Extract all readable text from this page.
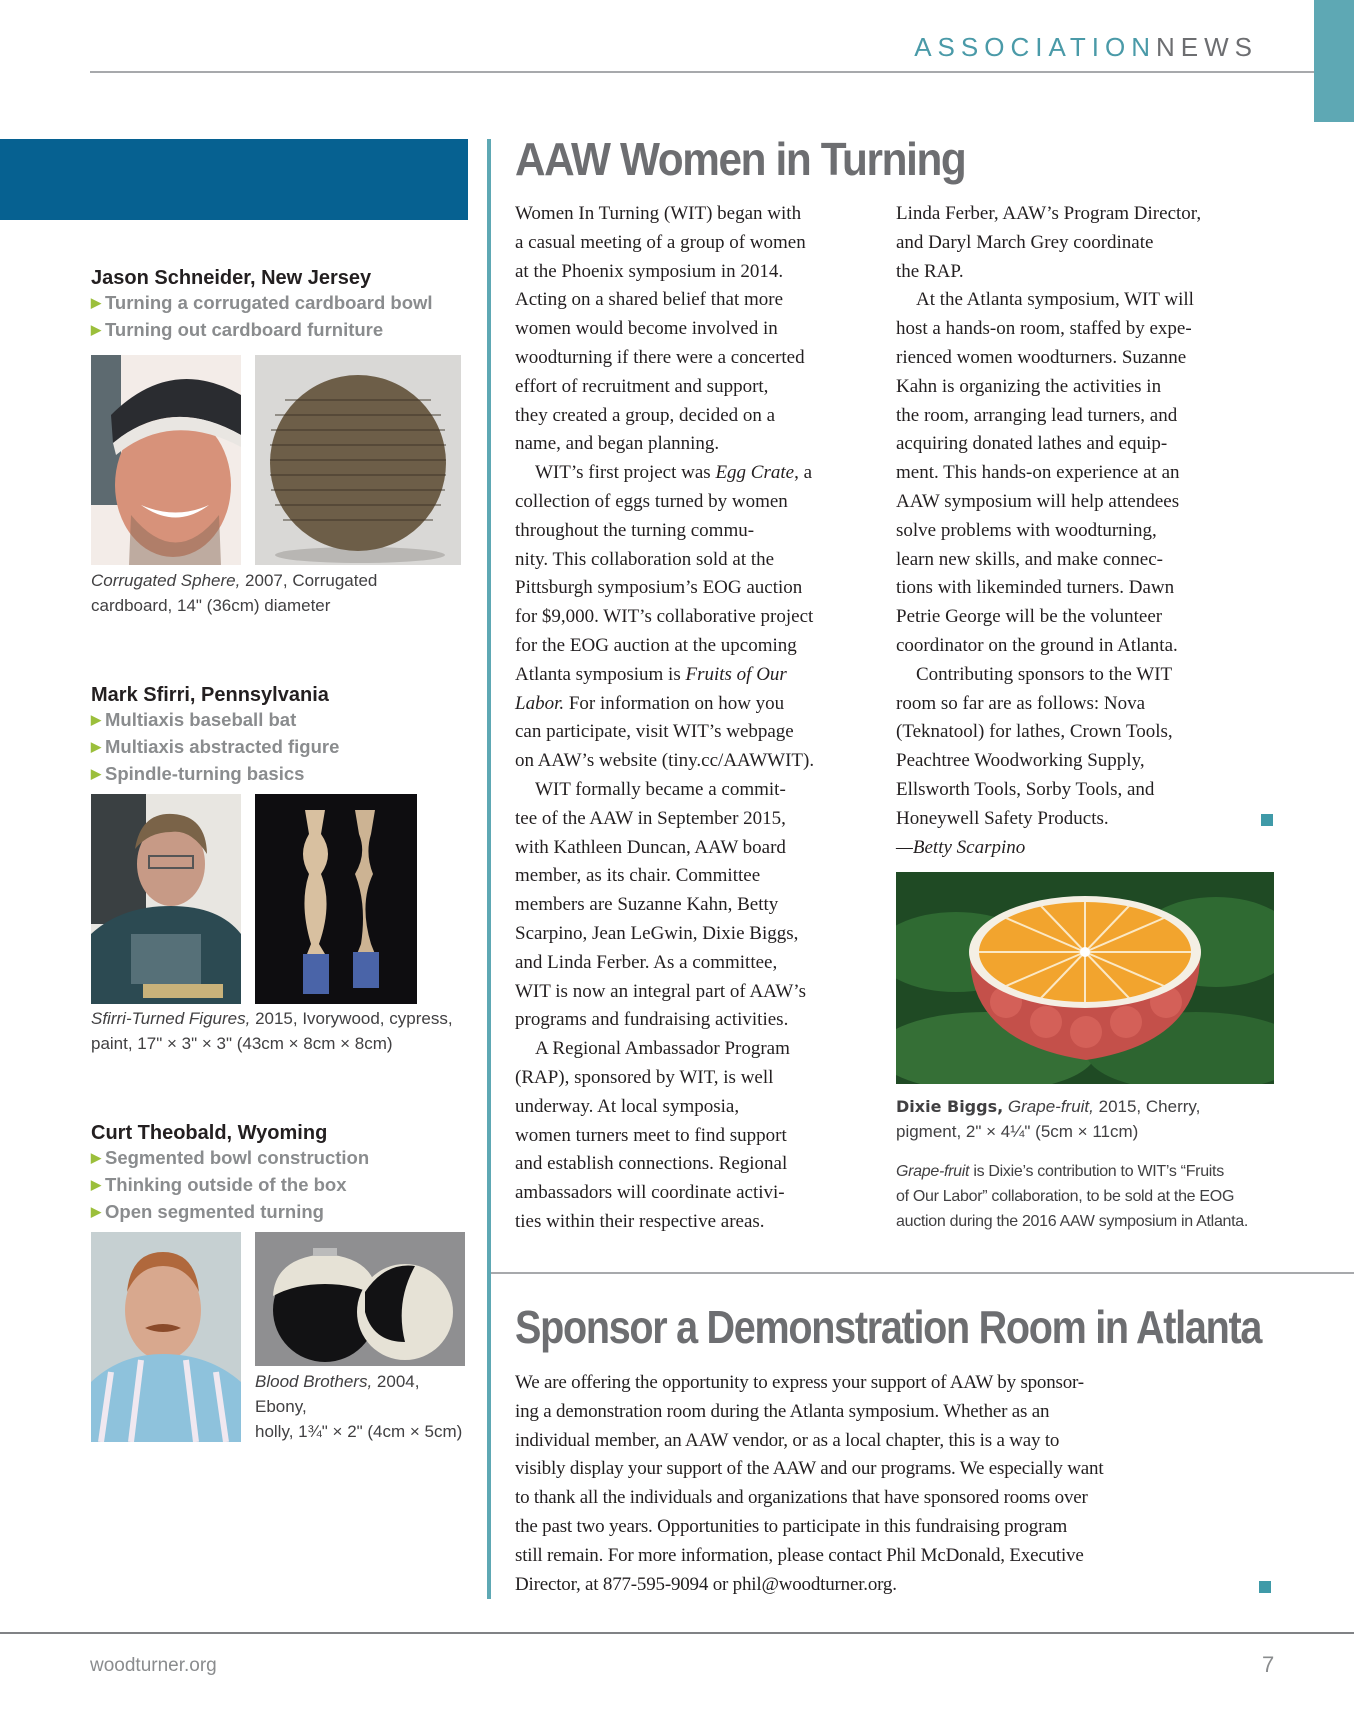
ASSOCIATIONNEWS
Jason Schneider, New Jersey
▶ Turning a corrugated cardboard bowl
▶ Turning out cardboard furniture
Corrugated Sphere, 2007, Corrugated
cardboard, 14" (36cm) diameter
Mark Sfirri, Pennsylvania
▶ Multiaxis baseball bat
▶ Multiaxis abstracted figure
▶ Spindle-turning basics
Sfirri-Turned Figures, 2015, Ivorywood, cypress,
paint, 17" × 3" × 3" (43cm × 8cm × 8cm)
Curt Theobald, Wyoming
▶ Segmented bowl construction
▶ Thinking outside of the box
▶ Open segmented turning
Blood Brothers, 2004, Ebony,
holly, 1¾" × 2" (4cm × 5cm)
AAW Women in Turning

Women In Turning (WIT) began with
a casual meeting of a group of women
at the Phoenix symposium in 2014.
Acting on a shared belief that more
women would become involved in
woodturning if there were a concerted
effort of recruitment and support,
they created a group, decided on a
name, and began planning.

WIT’s first project was Egg Crate, a
collection of eggs turned by women
throughout the turning commu-
nity. This collaboration sold at the
Pittsburgh symposium’s EOG auction
for $9,000. WIT’s collaborative project
for the EOG auction at the upcoming
Atlanta symposium is Fruits of Our
Labor. For information on how you
can participate, visit WIT’s webpage
on AAW’s website (tiny.cc/AAWWIT).

WIT formally became a commit-
tee of the AAW in September 2015,
with Kathleen Duncan, AAW board
member, as its chair. Committee
members are Suzanne Kahn, Betty
Scarpino, Jean LeGwin, Dixie Biggs,
and Linda Ferber. As a committee,
WIT is now an integral part of AAW’s
programs and fundraising activities.

A Regional Ambassador Program
(RAP), sponsored by WIT, is well
underway. At local symposia,
women turners meet to find support
and establish connections. Regional
ambassadors will coordinate activi-
ties within their respective areas.

Linda Ferber, AAW’s Program Director,
and Daryl March Grey coordinate
the RAP.

At the Atlanta symposium, WIT will
host a hands-on room, staffed by expe-
rienced women woodturners. Suzanne
Kahn is organizing the activities in
the room, arranging lead turners, and
acquiring donated lathes and equip-
ment. This hands-on experience at an
AAW symposium will help attendees
solve problems with woodturning,
learn new skills, and make connec-
tions with likeminded turners. Dawn
Petrie George will be the volunteer
coordinator on the ground in Atlanta.

Contributing sponsors to the WIT
room so far are as follows: Nova
(Teknatool) for lathes, Crown Tools,
Peachtree Woodworking Supply,
Ellsworth Tools, Sorby Tools, and
Honeywell Safety Products.

—Betty Scarpino

Dixie Biggs, Grape-fruit, 2015, Cherry,
pigment, 2" × 4¼" (5cm × 11cm)
Grape-fruit is Dixie’s contribution to WIT’s “Fruits
of Our Labor” collaboration, to be sold at the EOG
auction during the 2016 AAW symposium in Atlanta.
Sponsor a Demonstration Room in Atlanta

We are offering the opportunity to express your support of AAW by sponsor-
ing a demonstration room during the Atlanta symposium. Whether as an
individual member, an AAW vendor, or as a local chapter, this is a way to
visibly display your support of the AAW and our programs. We especially want
to thank all the individuals and organizations that have sponsored rooms over
the past two years. Opportunities to participate in this fundraising program
still remain. For more information, please contact Phil McDonald, Executive
Director, at 877-595-9094 or phil@woodturner.org.

woodturner.org	7
